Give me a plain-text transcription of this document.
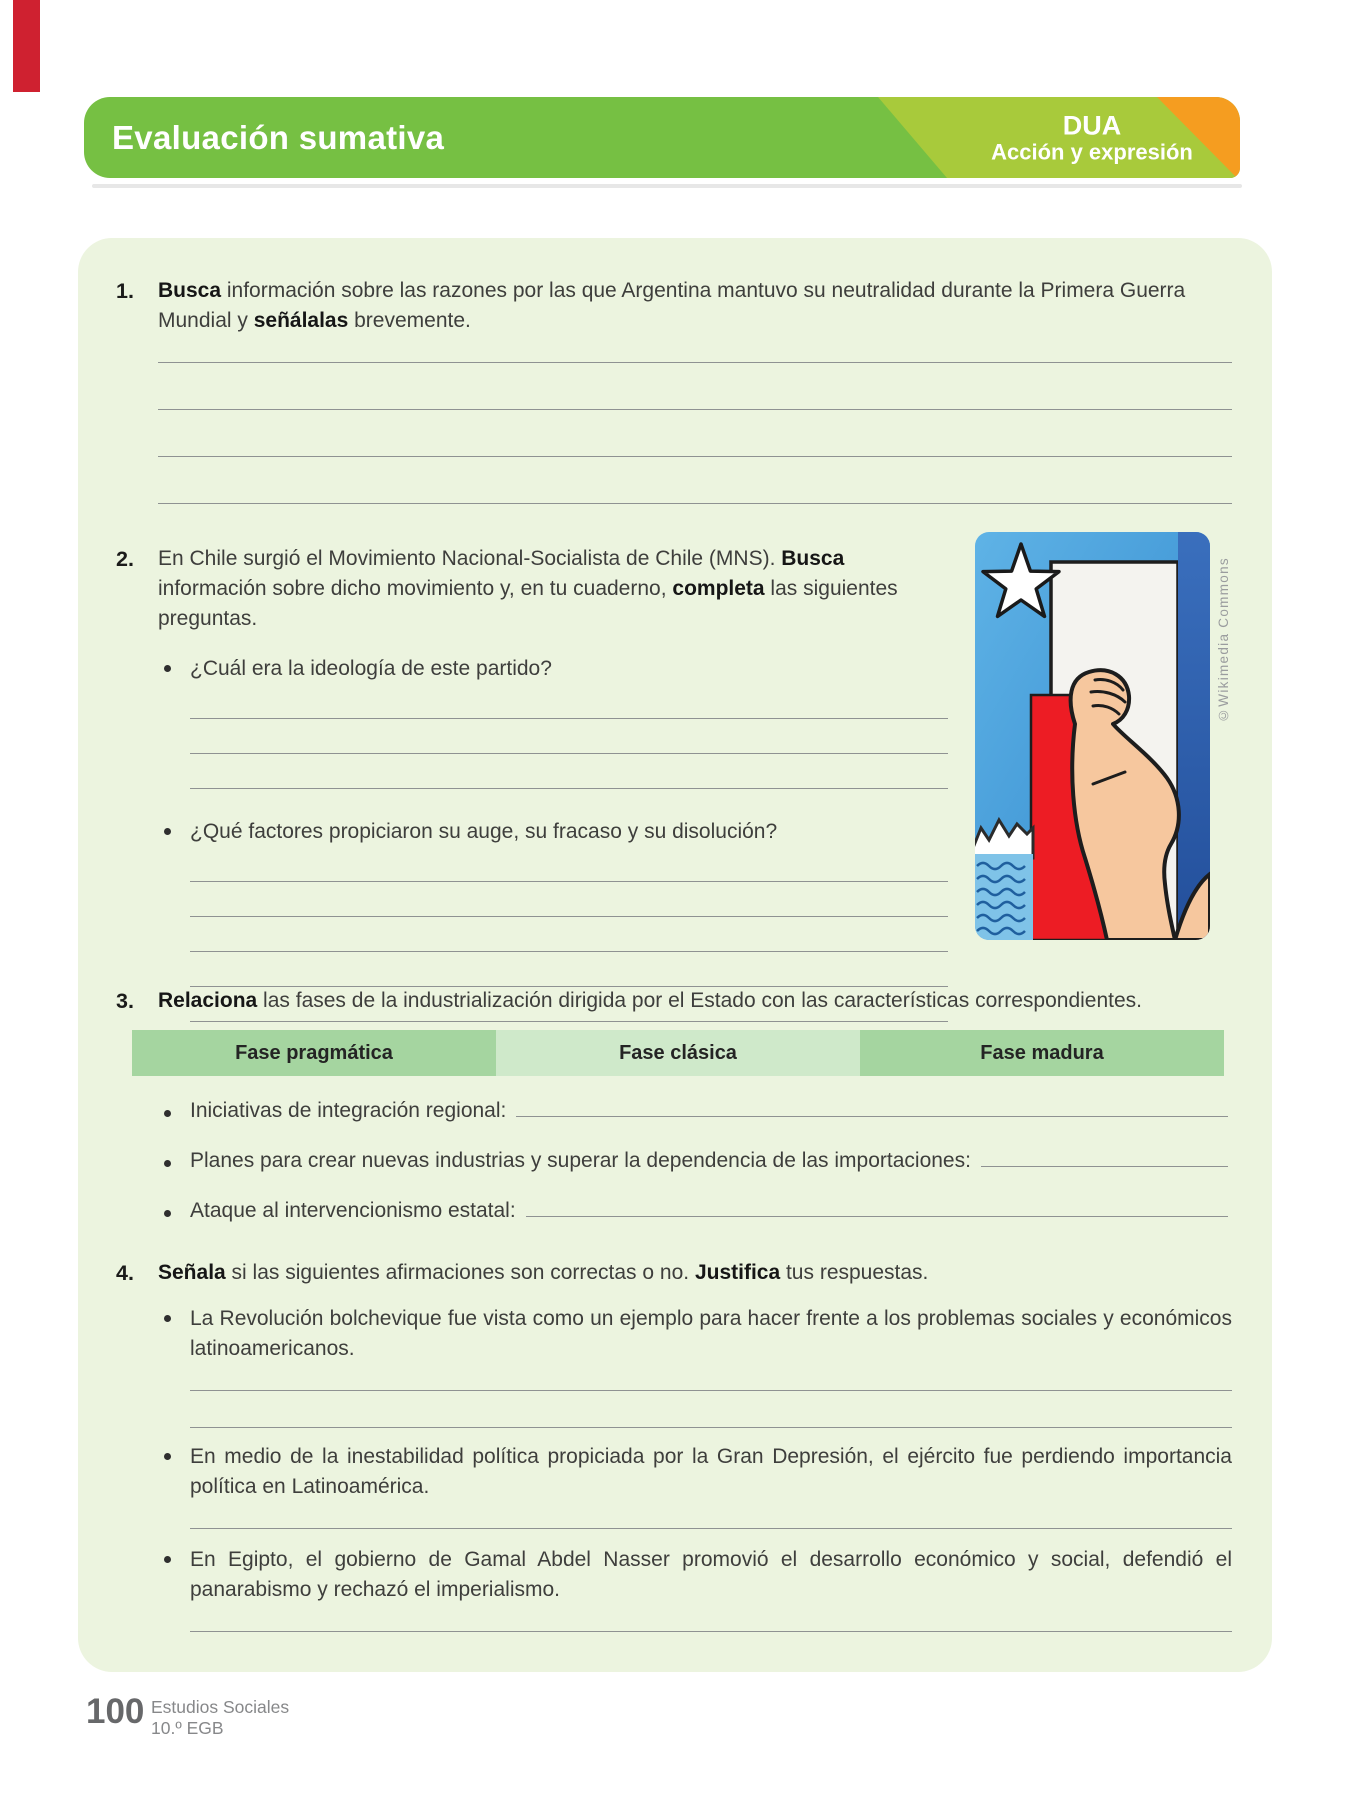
Evaluación sumativa	DUA
Acción y expresión
1.	Busca información sobre las razones por las que Argentina mantuvo su neutralidad durante la Primera Guerra Mundial y señálalas brevemente.
2.	En Chile surgió el Movimiento Nacional-Socialista de Chile (MNS). Busca información sobre dicho movimiento y, en tu cuaderno, completa las siguientes preguntas.
¿Cuál era la ideología de este partido?
¿Qué factores propiciaron su auge, su fracaso y su disolución?
©Wikimedia Commons
3.	Relaciona las fases de la industrialización dirigida por el Estado con las características correspondientes.
Fase pragmática	Fase clásica	Fase madura
Iniciativas de integración regional:
Planes para crear nuevas industrias y superar la dependencia de las importaciones:
Ataque al intervencionismo estatal:
4.	Señala si las siguientes afirmaciones son correctas o no. Justifica tus respuestas.
La Revolución bolchevique fue vista como un ejemplo para hacer frente a los problemas sociales y económicos latinoamericanos.
En medio de la inestabilidad política propiciada por la Gran Depresión, el ejército fue perdiendo importancia política en Latinoamérica.
En Egipto, el gobierno de Gamal Abdel Nasser promovió el desarrollo económico y social, defendió el panarabismo y rechazó el imperialismo.
100 Estudios Sociales
10.º EGB
